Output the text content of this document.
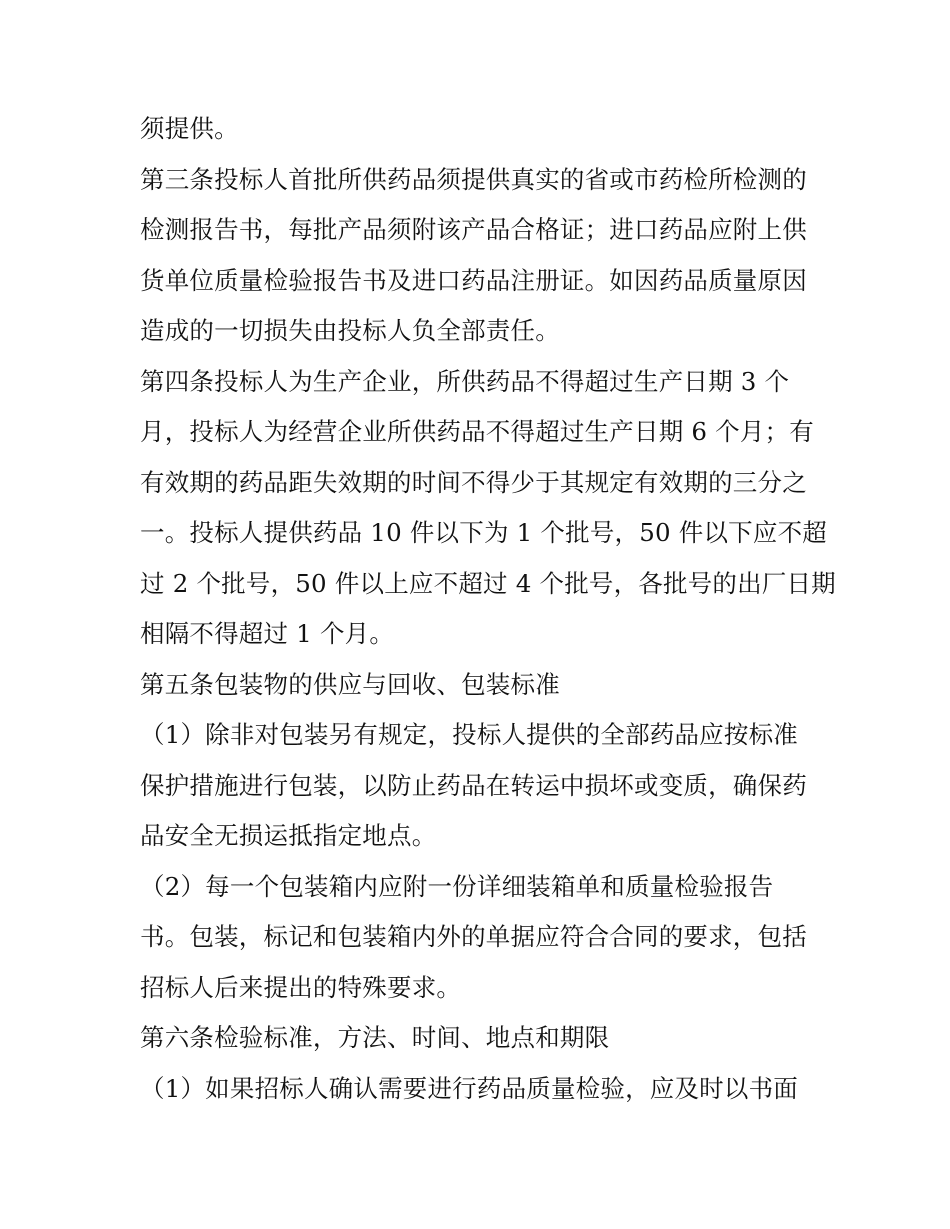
须提供。
第三条投标人首批所供药品须提供真实的省或市药检所检测的
检测报告书，每批产品须附该产品合格证；进口药品应附上供
货单位质量检验报告书及进口药品注册证。如因药品质量原因
造成的一切损失由投标人负全部责任。
第四条投标人为生产企业，所供药品不得超过生产日期 3 个
月，投标人为经营企业所供药品不得超过生产日期 6 个月；有
有效期的药品距失效期的时间不得少于其规定有效期的三分之
一。投标人提供药品 10 件以下为 1 个批号，50 件以下应不超
过 2 个批号，50 件以上应不超过 4 个批号，各批号的出厂日期
相隔不得超过 1 个月。
第五条包装物的供应与回收、包装标准
（1）除非对包装另有规定，投标人提供的全部药品应按标准
保护措施进行包装，以防止药品在转运中损坏或变质，确保药
品安全无损运抵指定地点。
（2）每一个包装箱内应附一份详细装箱单和质量检验报告
书。包装，标记和包装箱内外的单据应符合合同的要求，包括
招标人后来提出的特殊要求。
第六条检验标准，方法、时间、地点和期限
（1）如果招标人确认需要进行药品质量检验，应及时以书面
